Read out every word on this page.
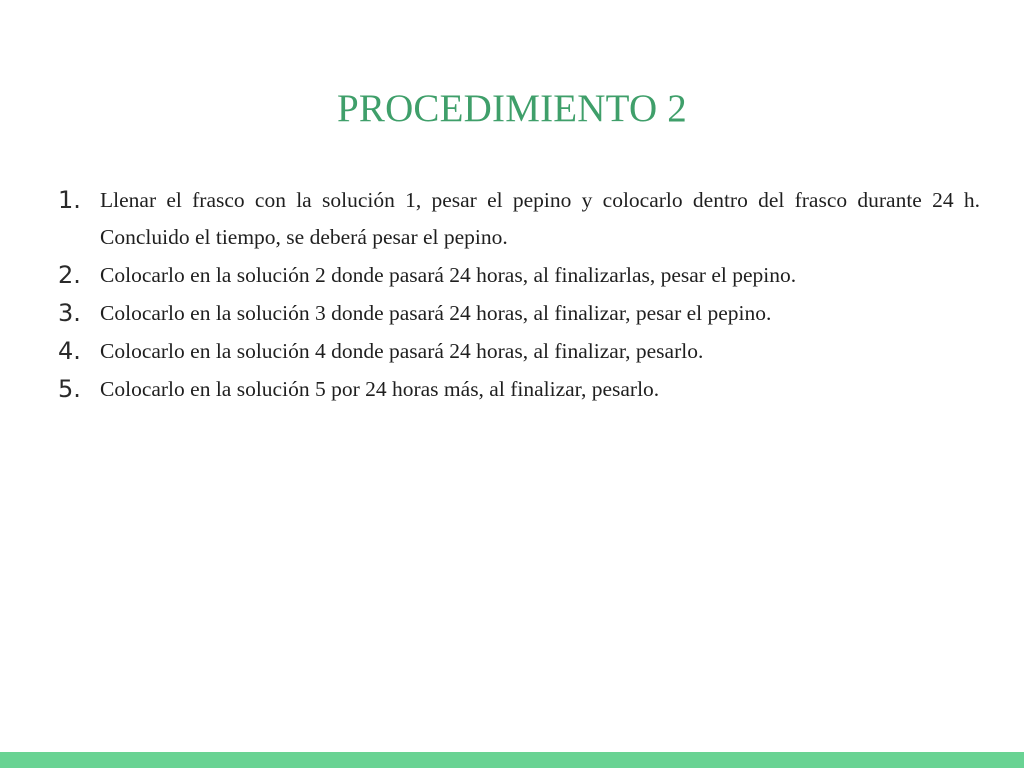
PROCEDIMIENTO 2
1. Llenar el frasco con la solución 1, pesar el pepino y colocarlo dentro del frasco durante 24 h. Concluido el tiempo, se deberá pesar el pepino.
2. Colocarlo en la solución 2 donde pasará 24 horas, al finalizarlas, pesar el pepino.
3. Colocarlo en la solución 3 donde pasará 24 horas, al finalizar, pesar el pepino.
4. Colocarlo en la solución 4 donde pasará 24 horas, al finalizar, pesarlo.
5. Colocarlo en la solución 5 por 24 horas más, al finalizar, pesarlo.
